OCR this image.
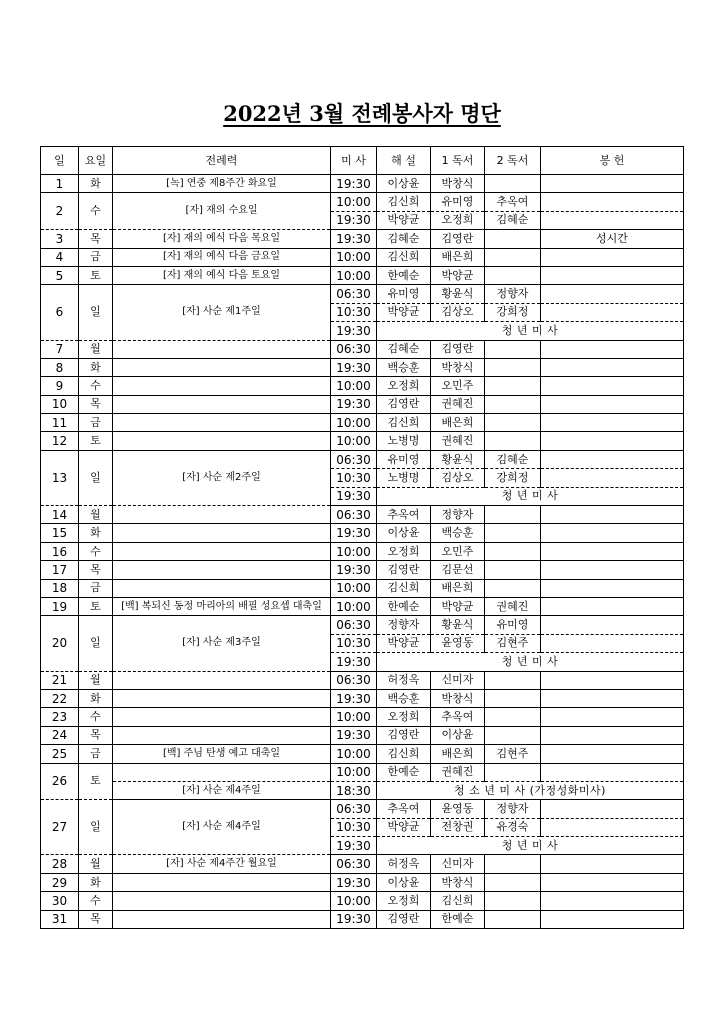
2022년 3월 전례봉사자 명단
일	요일	전례력	미 사	해 설	1 독서	2 독서	봉 헌
1	화	[녹] 연중 제8주간 화요일	19:30	이상윤	박창식		
2	수	[자] 재의 수요일	10:00	김신희	유미영	추옥여	
			19:30	박양균	오정희	김혜순	
3	목	[자] 재의 예식 다음 목요일	19:30	김혜순	김영란		성시간
4	금	[자] 재의 예식 다음 금요일	10:00	김신희	배은희		
5	토	[자] 재의 예식 다음 토요일	10:00	한예순	박양균		
6	일	[자] 사순 제1주일	06:30	유미영	황윤식	정향자	
			10:30	박양균	김상오	강희정	
			19:30	청 년 미 사			
7	월		06:30	김혜순	김영란		
8	화		19:30	백승훈	박창식		
9	수		10:00	오정희	오민주		
10	목		19:30	김영란	권혜진		
11	금		10:00	김신희	배은희		
12	토		10:00	노병명	권혜진		
13	일	[자] 사순 제2주일	06:30	유미영	황윤식	김혜순	
			10:30	노병명	김상오	강희정	
			19:30	청 년 미 사			
14	월		06:30	추옥여	정향자		
15	화		19:30	이상윤	백승훈		
16	수		10:00	오정희	오민주		
17	목		19:30	김영란	김문선		
18	금		10:00	김신희	배은희		
19	토	[백] 복되신 동정 마리아의 배필 성요셉 대축일	10:00	한예순	박양균	권혜진	
20	일	[자] 사순 제3주일	06:30	정향자	황윤식	유미영	
			10:30	박양균	윤영동	김현주	
			19:30	청 년 미 사			
21	월		06:30	허정옥	신미자		
22	화		19:30	백승훈	박창식		
23	수		10:00	오정희	추옥여		
24	목		19:30	김영란	이상윤		
25	금	[백] 주님 탄생 예고 대축일	10:00	김신희	배은희	김현주	
26	토		10:00	한예순	권혜진		
		[자] 사순 제4주일	18:30	청 소 년 미 사 (가정성화미사)			
27	일	[자] 사순 제4주일	06:30	추옥여	윤영동	정향자	
			10:30	박양균	전창권	유경숙	
			19:30	청 년 미 사			
28	월	[자] 사순 제4주간 월요일	06:30	허정옥	신미자		
29	화		19:30	이상윤	박창식		
30	수		10:00	오정희	김신희		
31	목		19:30	김영란	한예순		
